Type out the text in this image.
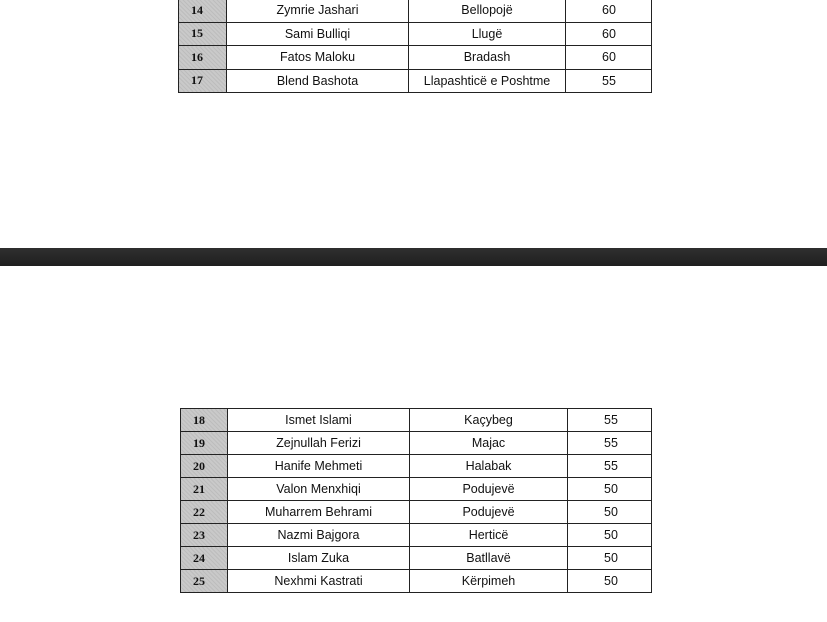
14	Zymrie Jashari	Bellopojë	60
15	Sami Bulliqi	Llugë	60
16	Fatos Maloku	Bradash	60
17	Blend Bashota	Llapashticë e Poshtme	55
18	Ismet Islami	Kaçybeg	55
19	Zejnullah Ferizi	Majac	55
20	Hanife Mehmeti	Halabak	55
21	Valon Menxhiqi	Podujevë	50
22	Muharrem Behrami	Podujevë	50
23	Nazmi Bajgora	Herticë	50
24	Islam Zuka	Batllavë	50
25	Nexhmi Kastrati	Kërpimeh	50
